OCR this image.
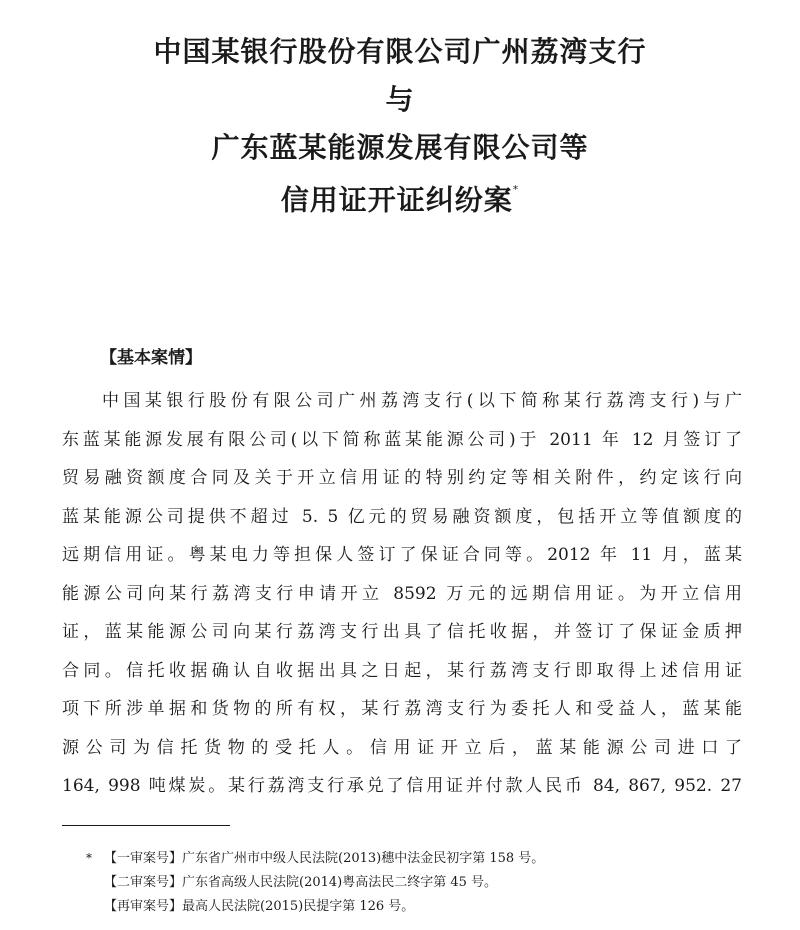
中国某银行股份有限公司广州荔湾支行
与
广东蓝某能源发展有限公司等
信用证开证纠纷案*

【基本案情】

中国某银行股份有限公司广州荔湾支行(以下简称某行荔湾支行)与广
东蓝某能源发展有限公司(以下简称蓝某能源公司)于 2011 年 12 月签订了
贸易融资额度合同及关于开立信用证的特别约定等相关附件，约定该行向
蓝某能源公司提供不超过 5. 5 亿元的贸易融资额度，包括开立等值额度的
远期信用证。粤某电力等担保人签订了保证合同等。2012 年 11 月，蓝某
能源公司向某行荔湾支行申请开立 8592 万元的远期信用证。为开立信用
证，蓝某能源公司向某行荔湾支行出具了信托收据，并签订了保证金质押
合同。信托收据确认自收据出具之日起，某行荔湾支行即取得上述信用证
项下所涉单据和货物的所有权，某行荔湾支行为委托人和受益人，蓝某能
源公司为信托货物的受托人。信用证开立后，蓝某能源公司进口了
164, 998 吨煤炭。某行荔湾支行承兑了信用证并付款人民币 84, 867, 952. 27
* 【一审案号】广东省广州市中级人民法院(2013)穗中法金民初字第 158 号。
【二审案号】广东省高级人民法院(2014)粤高法民二终字第 45 号。
【再审案号】最高人民法院(2015)民提字第 126 号。
